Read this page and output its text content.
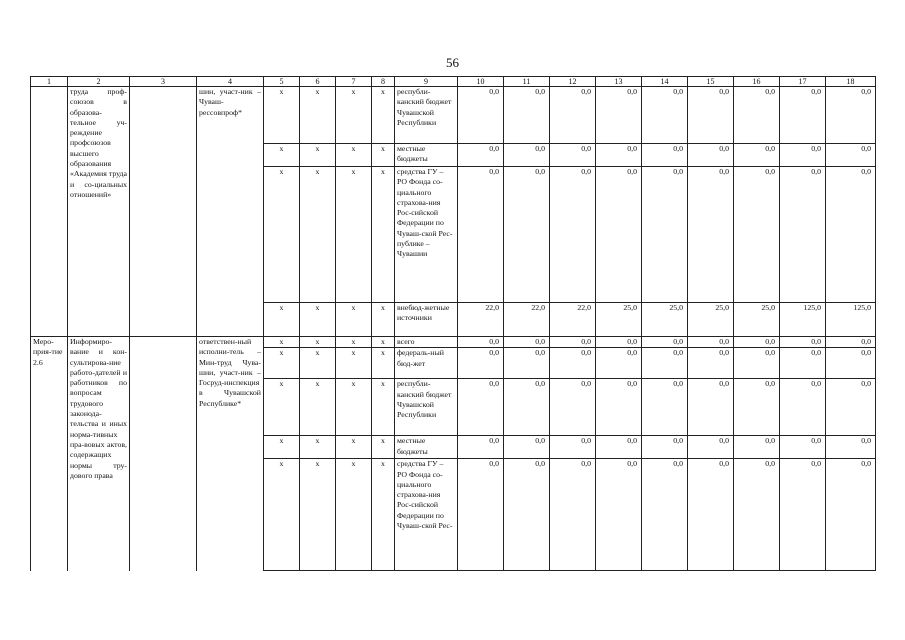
56
1	2	3	4	5	6	7	8	9	10	11	12	13	14	15	16	17	18
	труда проф-союзов в образова-тельное уч-реждение профсоюзов высшего образования «Академия труда и со-циальных отношений»		шин, участ-ник – Чуваш-рессовпроф*	x	x	x	x	республи-канский бюджет Чувашской Республики	0,0	0,0	0,0	0,0	0,0	0,0	0,0	0,0	0,0
				x	x	x	x	местные бюджеты	0,0	0,0	0,0	0,0	0,0	0,0	0,0	0,0	0,0
				x	x	x	x	средства ГУ – РО Фонда со-циального страхова-ния Рос-сийской Федерации по Чуваш-ской Рес-публике – Чувашии	0,0	0,0	0,0	0,0	0,0	0,0	0,0	0,0	0,0
				x	x	x	x	внебюд-жетные источники	22,0	22,0	22,0	25,0	25,0	25,0	25,0	125,0	125,0
Меро-прия-тие 2.6	Информиро-вание и кон-сультирова-ние работо-дателей и работников по вопросам трудового законода-тельства и иных норма-тивных пра-вовых актов, содержащих нормы тру-дового права		ответствен-ный исполни-тель – Мин-труд Чува-шии, участ-ник – Госруд-инспекция в Чувашской Республике*	x	x	x	x	всего	0,0	0,0	0,0	0,0	0,0	0,0	0,0	0,0	0,0
				x	x	x	x	федераль-ный бюд-жет	0,0	0,0	0,0	0,0	0,0	0,0	0,0	0,0	0,0
				x	x	x	x	республи-канский бюджет Чувашской Республики	0,0	0,0	0,0	0,0	0,0	0,0	0,0	0,0	0,0
				x	x	x	x	местные бюджеты	0,0	0,0	0,0	0,0	0,0	0,0	0,0	0,0	0,0
				x	x	x	x	средства ГУ – РО Фонда со-циального страхова-ния Рос-сийской Федерации по Чуваш-ской Рес-	0,0	0,0	0,0	0,0	0,0	0,0	0,0	0,0	0,0
